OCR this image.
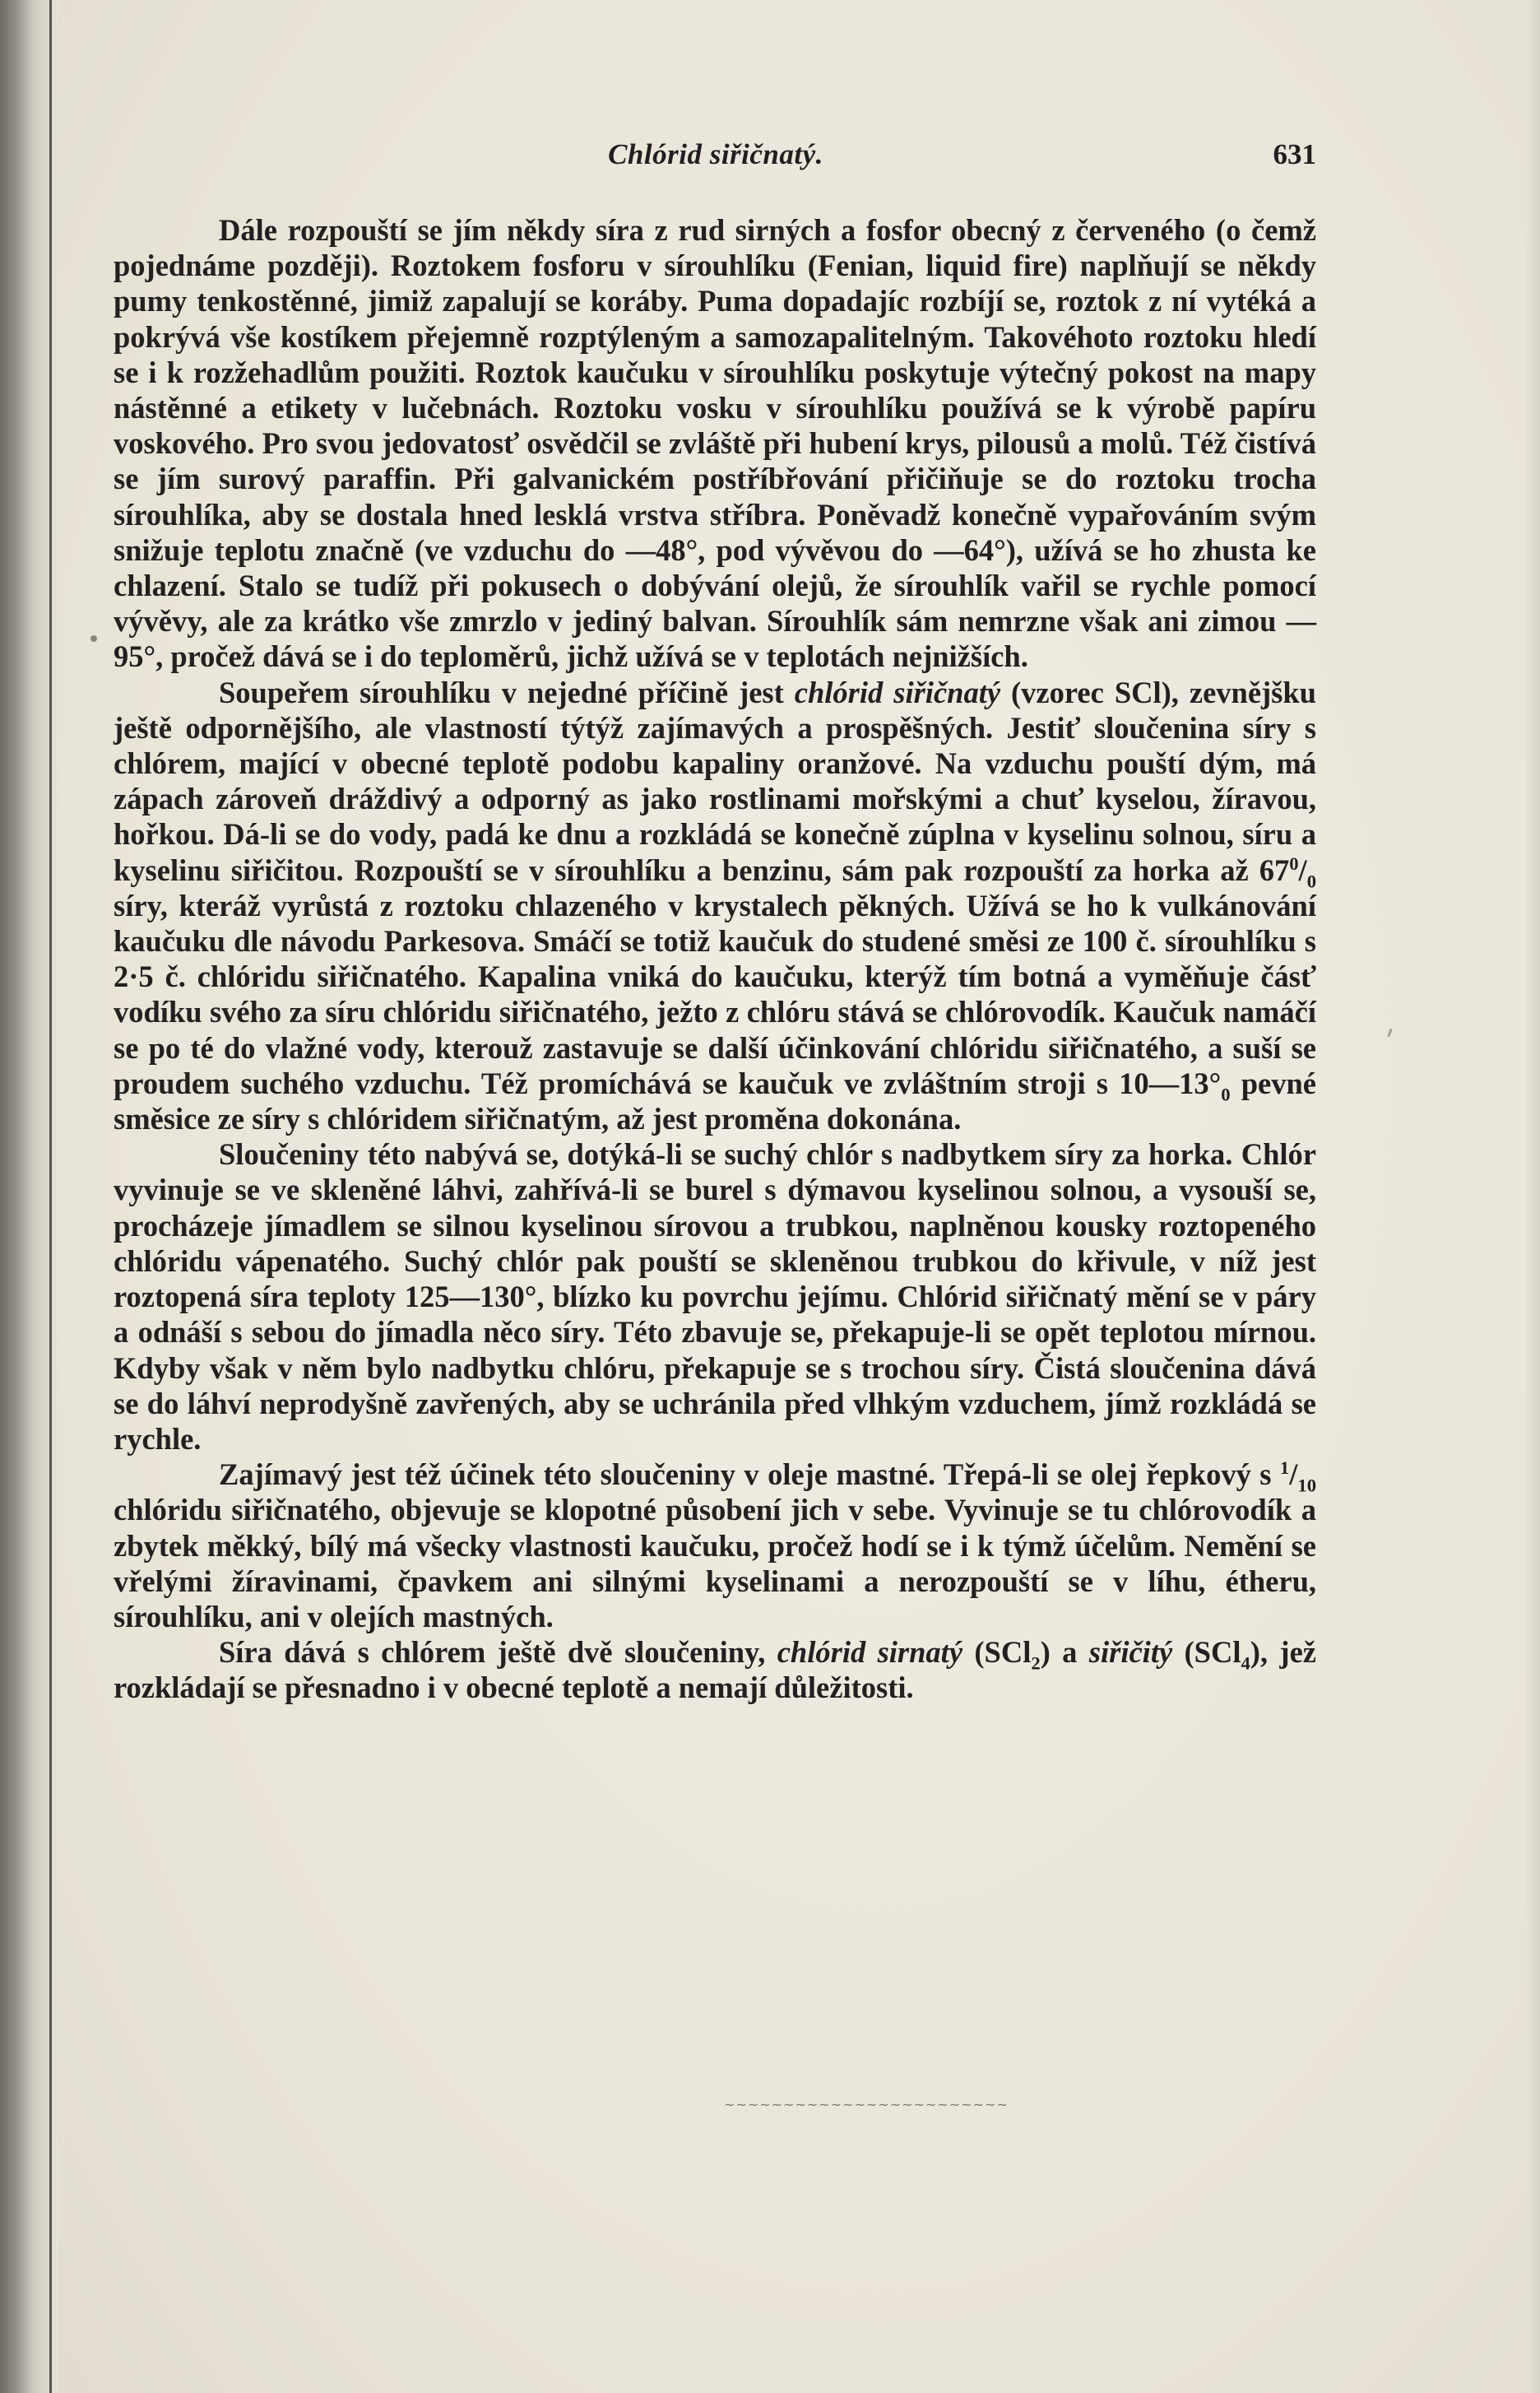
Chlórid siřičnatý.	631

Dále rozpouští se jím někdy síra z rud sirných a fosfor obecný z červeného (o čemž pojednáme později). Roztokem fosforu v sírouhlíku (Fenian, liquid fire) naplňují se někdy pumy tenkostěnné, jimiž zapalují se koráby. Puma dopadajíc rozbíjí se, roztok z ní vytéká a pokrývá vše kostíkem přejemně rozptýleným a samozapalitelným. Takovéhoto roztoku hledí se i k rozžehadlům použiti. Roztok kaučuku v sírouhlíku poskytuje výtečný pokost na mapy nástěnné a etikety v lučebnách. Roztoku vosku v sírouhlíku používá se k výrobě papíru voskového. Pro svou jedovatosť osvědčil se zvláště při hubení krys, pilousů a molů. Též čistívá se jím surový paraffin. Při galvanickém postříbřování přičiňuje se do roztoku trocha sírouhlíka, aby se dostala hned lesklá vrstva stříbra. Poněvadž konečně vypařováním svým snižuje teplotu značně (ve vzduchu do —48°, pod vývěvou do —64°), užívá se ho zhusta ke chlazení. Stalo se tudíž při pokusech o dobývání olejů, že sírouhlík vařil se rychle pomocí vývěvy, ale za krátko vše zmrzlo v jediný balvan. Sírouhlík sám nemrzne však ani zimou —95°, pročež dává se i do teploměrů, jichž užívá se v teplotách nejnižších.

Soupeřem sírouhlíku v nejedné příčině jest chlórid siřičnatý (vzorec SCl), zevnějšku ještě odpornějšího, ale vlastností týtýž zajímavých a prospěšných. Jestiť sloučenina síry s chlórem, mající v obecné teplotě podobu kapaliny oranžové. Na vzduchu pouští dým, má zápach zároveň dráždivý a odporný as jako rostlinami mořskými a chuť kyselou, žíravou, hořkou. Dá-li se do vody, padá ke dnu a rozkládá se konečně zúplna v kyselinu solnou, síru a kyselinu siřičitou. Rozpouští se v sírouhlíku a benzinu, sám pak rozpouští za horka až $67^0/_0$ síry, kteráž vyrůstá z roztoku chlazeného v krystalech pěkných. Užívá se ho k vulkánování kaučuku dle návodu Parkesova. Smáčí se totiž kaučuk do studené směsi ze 100 č. sírouhlíku s 2·5 č. chlóridu siřičnatého. Kapalina vniká do kaučuku, kterýž tím botná a vyměňuje čásť vodíku svého za síru chlóridu siřičnatého, ježto z chlóru stává se chlórovodík. Kaučuk namáčí se po té do vlažné vody, kterouž zastavuje se další účinkování chlóridu siřičnatého, a suší se proudem suchého vzduchu. Též promíchává se kaučuk ve zvláštním stroji s $10—13^\circ_0$ pevné směsice ze síry s chlóridem siřičnatým, až jest proměna dokonána.

Sloučeniny této nabývá se, dotýká-li se suchý chlór s nadbytkem síry za horka. Chlór vyvinuje se ve skleněné láhvi, zahřívá-li se burel s dýmavou kyselinou solnou, a vysouší se, procházeje jímadlem se silnou kyselinou sírovou a trubkou, naplněnou kousky roztopeného chlóridu vápenatého. Suchý chlór pak pouští se skleněnou trubkou do křivule, v níž jest roztopená síra teploty 125—130°, blízko ku povrchu jejímu. Chlórid siřičnatý mění se v páry a odnáší s sebou do jímadla něco síry. Této zbavuje se, překapuje-li se opět teplotou mírnou. Kdyby však v něm bylo nadbytku chlóru, překapuje se s trochou síry. Čistá sloučenina dává se do láhví neprodyšně zavřených, aby se uchránila před vlhkým vzduchem, jímž rozkládá se rychle.

Zajímavý jest též účinek této sloučeniny v oleje mastné. Třepá-li se olej řepkový s $^1/_{10}$ chlóridu siřičnatého, objevuje se klopotné působení jich v sebe. Vyvinuje se tu chlórovodík a zbytek měkký, bílý má všecky vlastnosti kaučuku, pročež hodí se i k týmž účelům. Nemění se vřelými žíravinami, čpavkem ani silnými kyselinami a nerozpouští se v líhu, étheru, sírouhlíku, ani v olejích mastných.

Síra dává s chlórem ještě dvě sloučeniny, chlórid sirnatý (SCl$_2$) a siřičitý (SCl$_4$), jež rozkládají se přesnadno i v obecné teplotě a nemají důležitosti.

~~~~~~~~~~~~~~~~~~~~~~~~
